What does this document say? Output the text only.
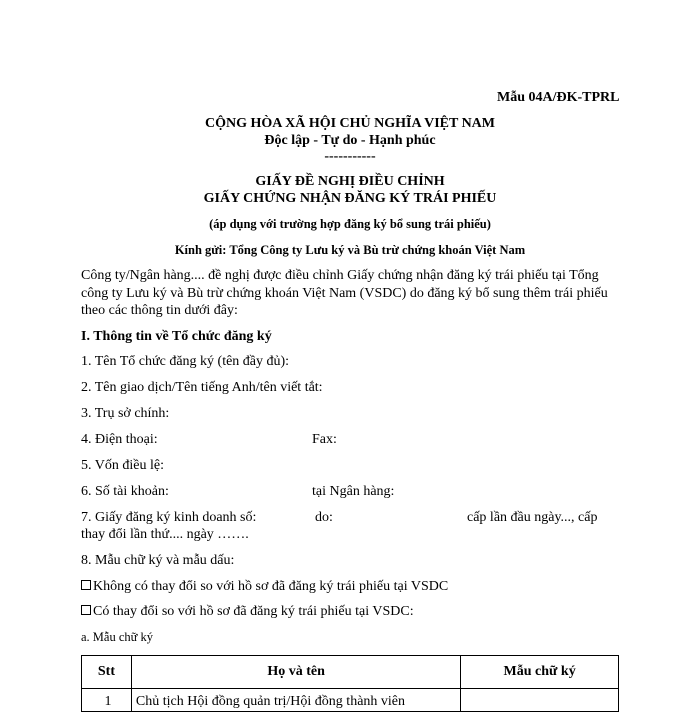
Mẫu 04A/ĐK-TPRL
CỘNG HÒA XÃ HỘI CHỦ NGHĨA VIỆT NAM
Độc lập - Tự do - Hạnh phúc
-----------
GIẤY ĐỀ NGHỊ ĐIỀU CHỈNH
GIẤY CHỨNG NHẬN ĐĂNG KÝ TRÁI PHIẾU
(áp dụng với trường hợp đăng ký bổ sung trái phiếu)
Kính gửi: Tổng Công ty Lưu ký và Bù trừ chứng khoán Việt Nam
Công ty/Ngân hàng.... đề nghị được điều chỉnh Giấy chứng nhận đăng ký trái phiếu tại Tổng
công ty Lưu ký và Bù trừ chứng khoán Việt Nam (VSDC) do đăng ký bổ sung thêm trái phiếu
theo các thông tin dưới đây:
I. Thông tin về Tổ chức đăng ký
1. Tên Tổ chức đăng ký (tên đầy đủ):
2. Tên giao dịch/Tên tiếng Anh/tên viết tắt:
3. Trụ sở chính:
4. Điện thoại:	Fax:
5. Vốn điều lệ:
6. Số tài khoản:	tại Ngân hàng:
7. Giấy đăng ký kinh doanh số:	do:	cấp lần đầu ngày..., cấp
thay đổi lần thứ.... ngày …….
8. Mẫu chữ ký và mẫu dấu:
Không có thay đổi so với hồ sơ đã đăng ký trái phiếu tại VSDC
Có thay đổi so với hồ sơ đã đăng ký trái phiếu tại VSDC:
a. Mẫu chữ ký
Stt	Họ và tên	Mẫu chữ ký
1	Chủ tịch Hội đồng quản trị/Hội đồng thành viên	
